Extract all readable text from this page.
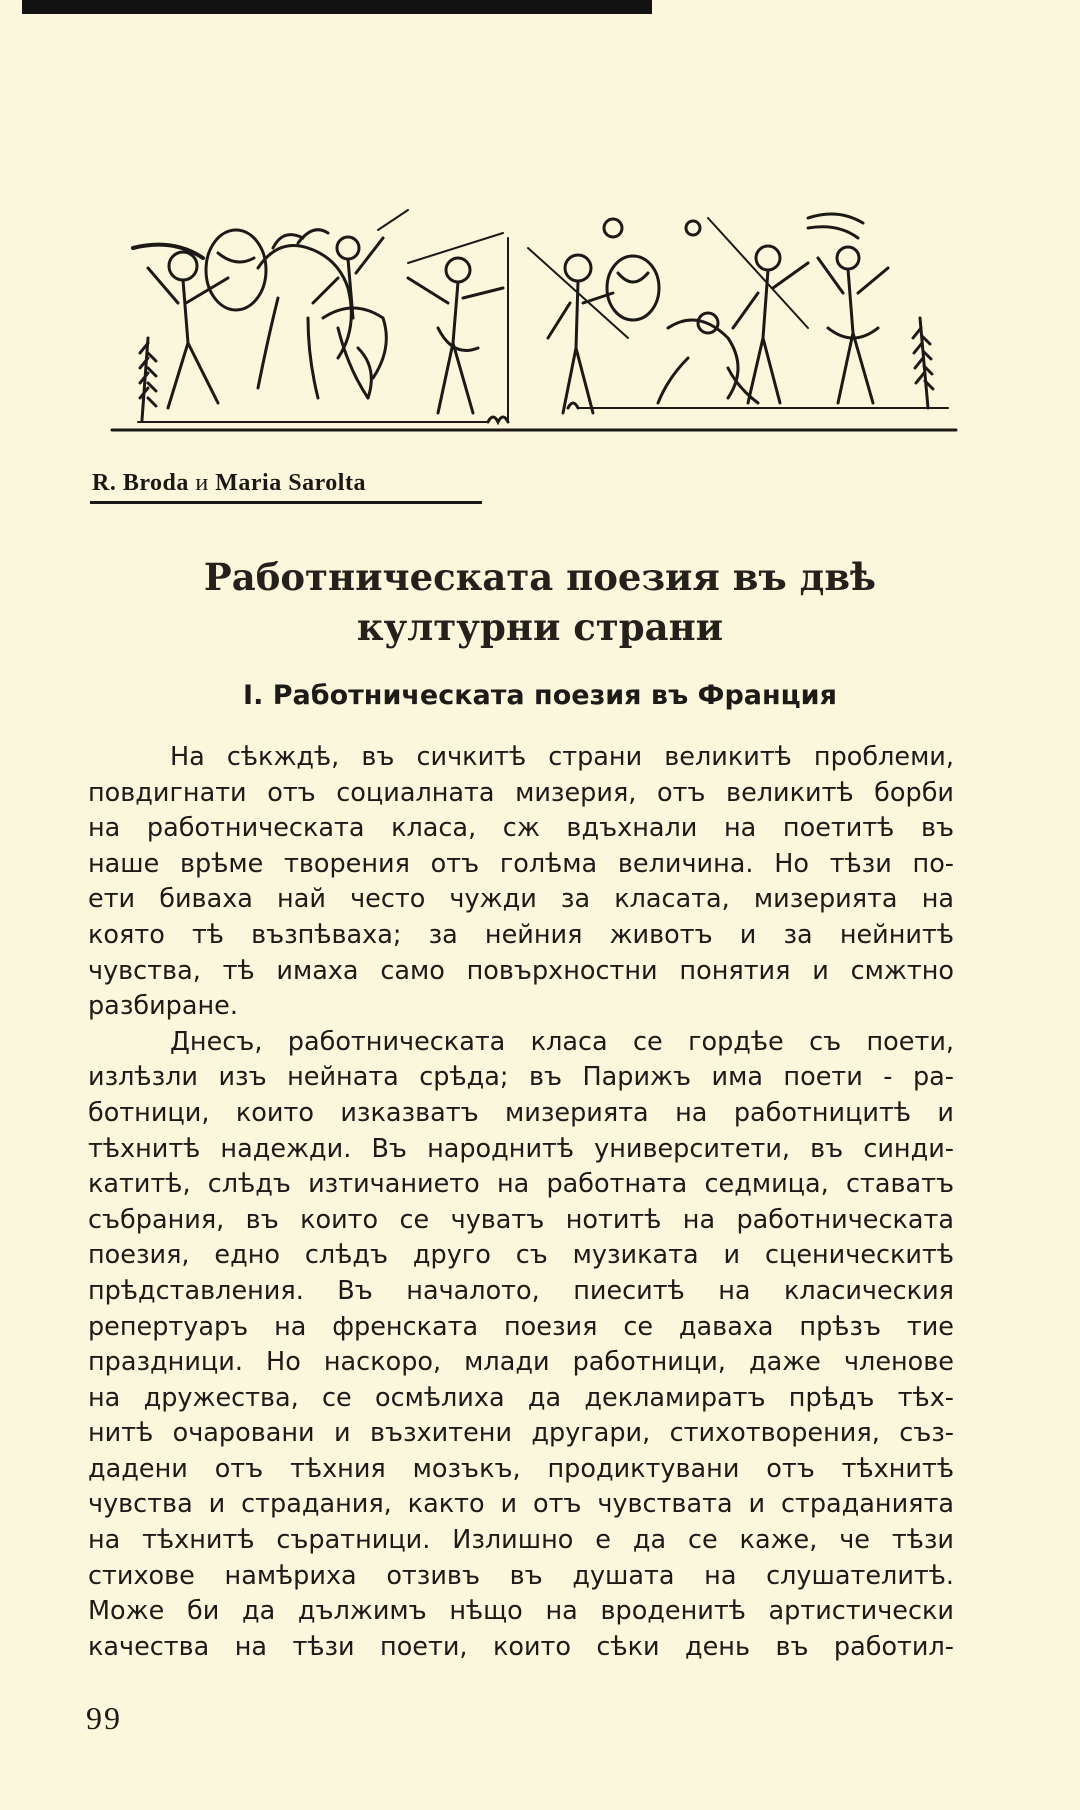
R. Broda и Maria Sarolta
Работническата поезия въ двѣ
културни страни
I. Работническата поезия въ Франция
На сѣкждѣ, въ сичкитѣ страни великитѣ проблеми,
повдигнати отъ социалната мизерия, отъ великитѣ борби
на работническата класа, сж вдъхнали на поетитѣ въ
наше врѣме творения отъ голѣма величина. Но тѣзи по-
ети биваха най често чужди за класата, мизерията на
която тѣ възпѣваха; за нейния животъ и за нейнитѣ
чувства, тѣ имаха само повърхностни понятия и смжтно
разбиране.
Днесъ, работническата класа се гордѣе съ поети,
излѣзли изъ нейната срѣда; въ Парижъ има поети - ра-
ботници, които изказватъ мизерията на работницитѣ и
тѣхнитѣ надежди. Въ народнитѣ университети, въ синди-
катитѣ, слѣдъ изтичанието на работната седмица, ставатъ
събрания, въ които се чуватъ нотитѣ на работническата
поезия, едно слѣдъ друго съ музиката и сценическитѣ
прѣдставления. Въ началото, пиеситѣ на класическия
репертуаръ на френската поезия се даваха прѣзъ тие
праздници. Но наскоро, млади работници, даже членове
на дружества, се осмѣлиха да декламиратъ прѣдъ тѣх-
нитѣ очаровани и възхитени другари, стихотворения, съз-
дадени отъ тѣхния мозъкъ, продиктувани отъ тѣхнитѣ
чувства и страдания, както и отъ чувствата и страданията
на тѣхнитѣ съратници. Излишно е да се каже, че тѣзи
стихове намѣриха отзивъ въ душата на слушателитѣ.
Може би да дължимъ нѣщо на вроденитѣ артистически
качества на тѣзи поети, които сѣки день въ работил-
99
